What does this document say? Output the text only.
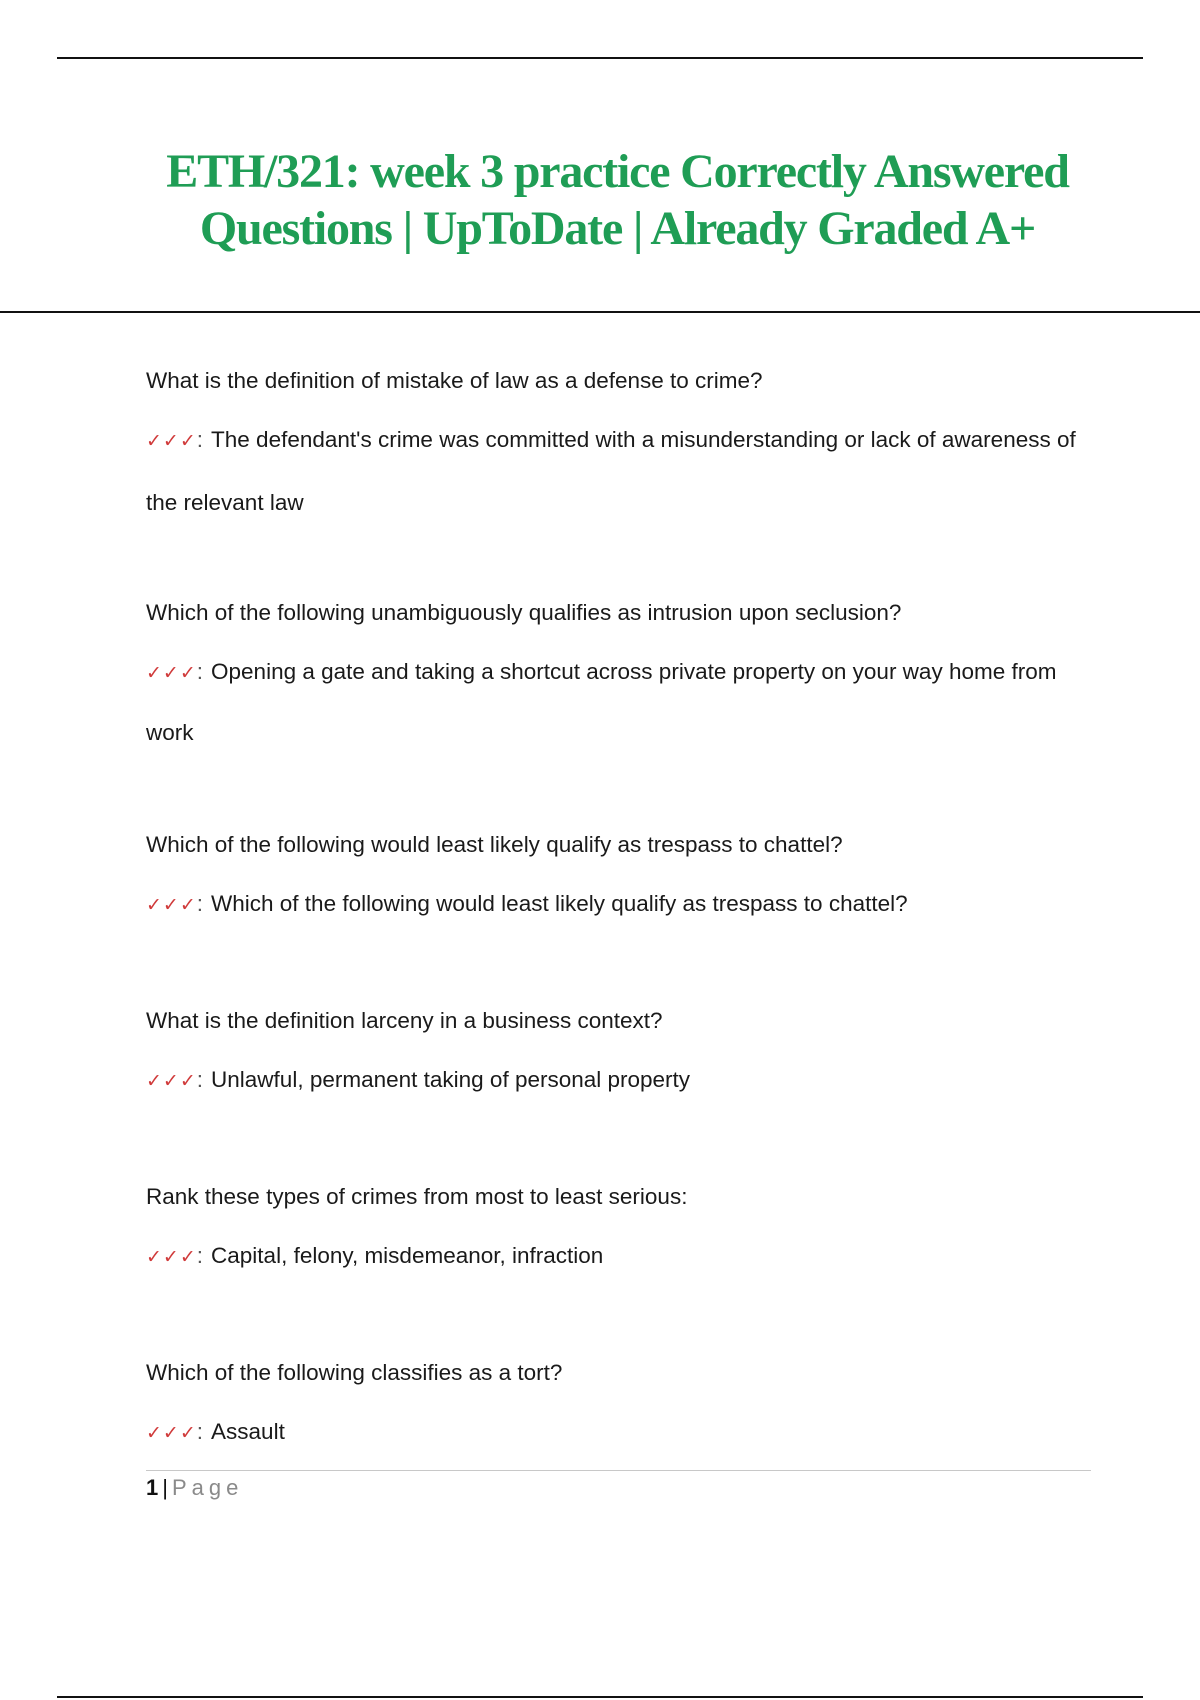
ETH/321: week 3 practice Correctly Answered Questions | UpToDate | Already Graded A+

What is the definition of mistake of law as a defense to crime?

✓✓✓: The defendant's crime was committed with a misunderstanding or lack of awareness of the relevant law

Which of the following unambiguously qualifies as intrusion upon seclusion?

✓✓✓: Opening a gate and taking a shortcut across private property on your way home from work

Which of the following would least likely qualify as trespass to chattel?

✓✓✓: Which of the following would least likely qualify as trespass to chattel?

What is the definition larceny in a business context?

✓✓✓: Unlawful, permanent taking of personal property

Rank these types of crimes from most to least serious:

✓✓✓: Capital, felony, misdemeanor, infraction

Which of the following classifies as a tort?

✓✓✓: Assault

1 | Page
